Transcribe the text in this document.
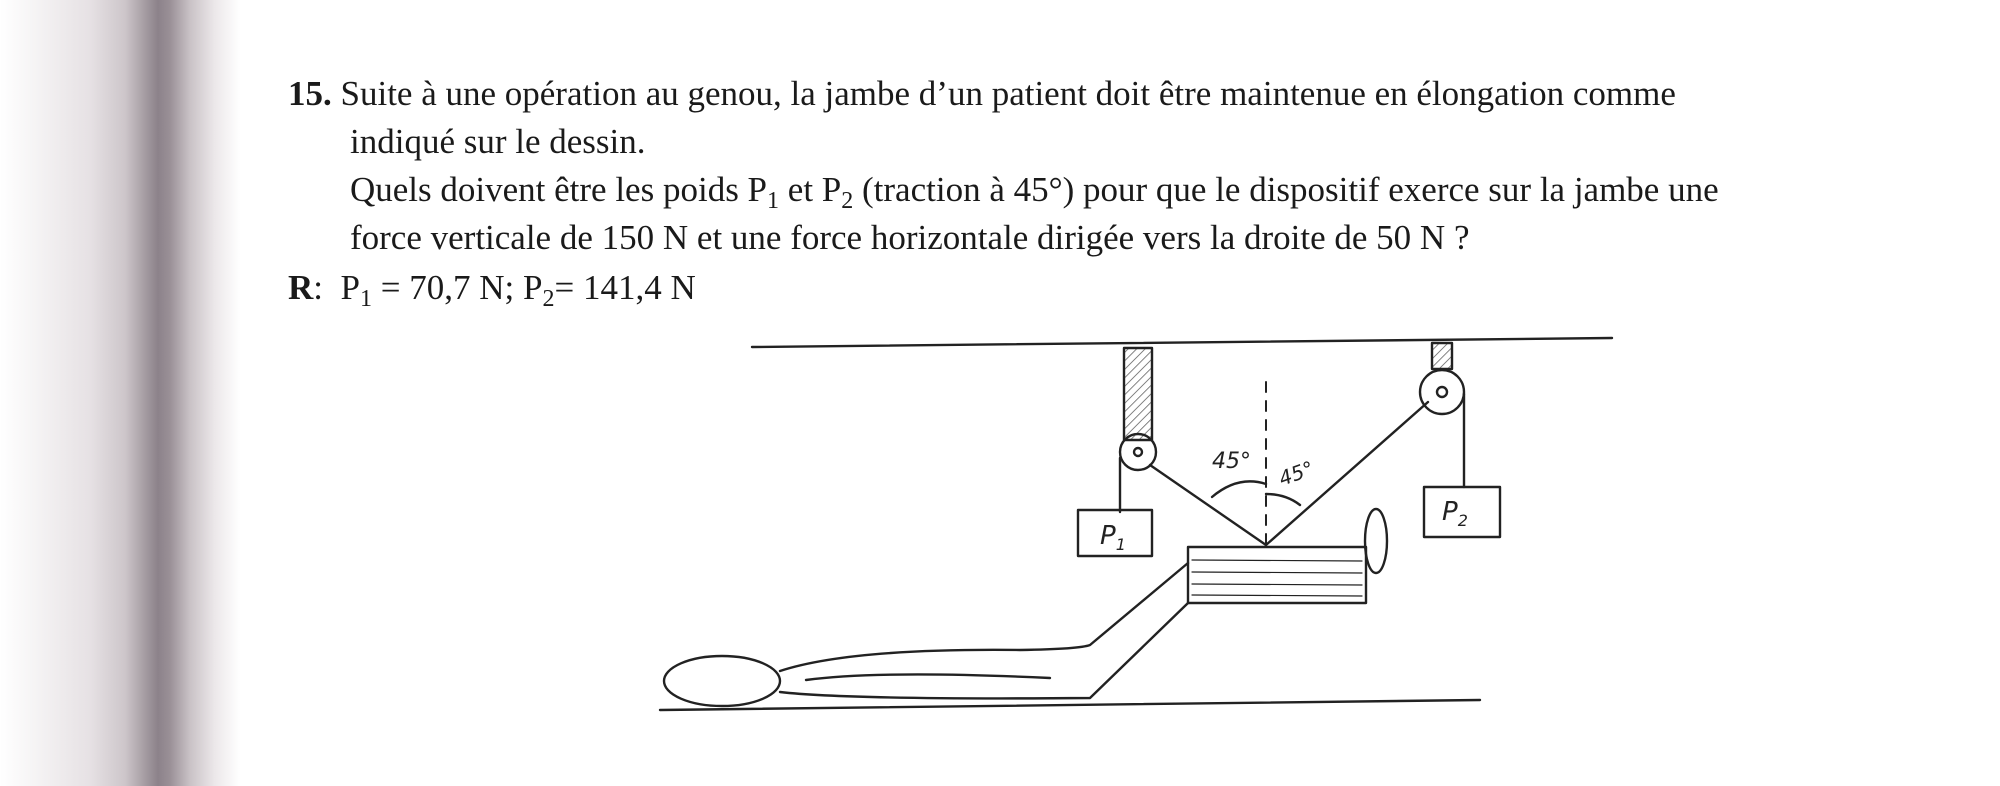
15. Suite à une opération au genou, la jambe d’un patient doit être maintenue en élongation comme
indiqué sur le dessin.
Quels doivent être les poids $P_1$ et $P_2$ (traction à 45°) pour que le dispositif exerce sur la jambe une
force verticale de 150 N et une force horizontale dirigée vers la droite de 50 N ?
R: $P_1 = 70,7$ N; $P_2= 141,4$ N
45° 45°
$P_1$
$P_2$
